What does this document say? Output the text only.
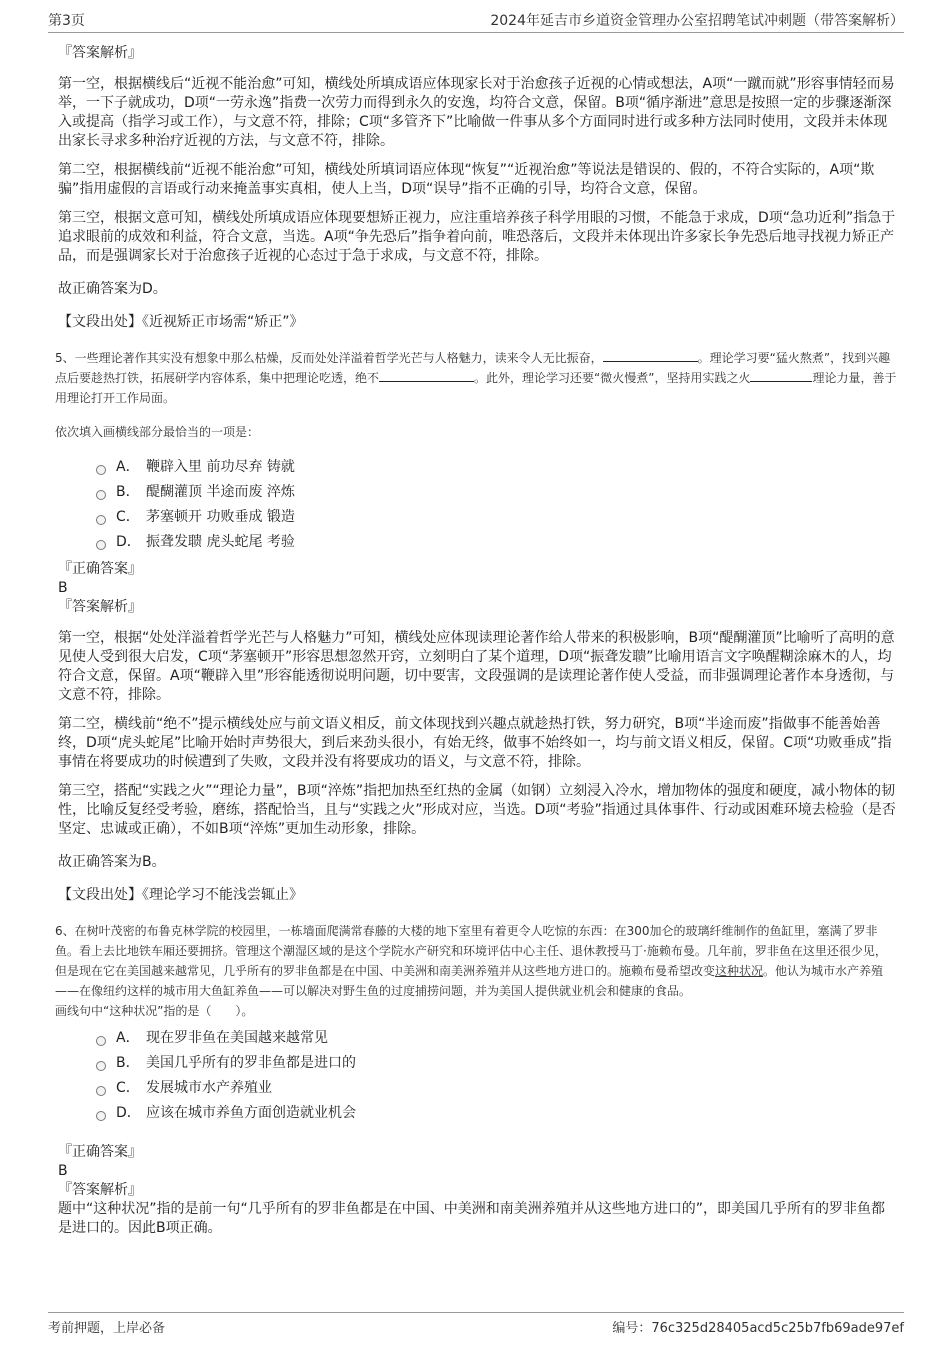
第3页	2024年延吉市乡道资金管理办公室招聘笔试冲刺题（带答案解析）
『答案解析』
第一空，根据横线后“近视不能治愈”可知，横线处所填成语应体现家长对于治愈孩子近视的心情或想法，A项“一蹴而就”形容事情轻而易举，一下子就成功，D项“一劳永逸”指费一次劳力而得到永久的安逸，均符合文意，保留。B项“循序渐进”意思是按照一定的步骤逐渐深入或提高（指学习或工作），与文意不符，排除；C项“多管齐下”比喻做一件事从多个方面同时进行或多种方法同时使用，文段并未体现出家长寻求多种治疗近视的方法，与文意不符，排除。
第二空，根据横线前“近视不能治愈”可知，横线处所填词语应体现“恢复”“近视治愈”等说法是错误的、假的，不符合实际的，A项“欺骗”指用虚假的言语或行动来掩盖事实真相，使人上当，D项“误导”指不正确的引导，均符合文意，保留。
第三空，根据文意可知，横线处所填成语应体现要想矫正视力，应注重培养孩子科学用眼的习惯，不能急于求成，D项“急功近利”指急于追求眼前的成效和利益，符合文意，当选。A项“争先恐后”指争着向前，唯恐落后，文段并未体现出许多家长争先恐后地寻找视力矫正产品，而是强调家长对于治愈孩子近视的心态过于急于求成，与文意不符，排除。
故正确答案为D。
【文段出处】《近视矫正市场需“矫正”》
5、一些理论著作其实没有想象中那么枯燥，反而处处洋溢着哲学光芒与人格魅力，读来令人无比振奋，	。理论学习要“猛火熬煮”，找到兴趣点后要趁热打铁，拓展研学内容体系，集中把理论吃透，绝不	。此外，理论学习还要“微火慢煮”，坚持用实践之火	理论力量，善于用理论打开工作局面。
依次填入画横线部分最恰当的一项是：
A． 鞭辟入里 前功尽弃 铸就
B． 醍醐灌顶 半途而废 淬炼
C． 茅塞顿开 功败垂成 锻造
D． 振聋发聩 虎头蛇尾 考验
『正确答案』
B
『答案解析』
第一空，根据“处处洋溢着哲学光芒与人格魅力”可知，横线处应体现读理论著作给人带来的积极影响，B项“醍醐灌顶”比喻听了高明的意见使人受到很大启发，C项“茅塞顿开”形容思想忽然开窍，立刻明白了某个道理，D项“振聋发聩”比喻用语言文字唤醒糊涂麻木的人，均符合文意，保留。A项“鞭辟入里”形容能透彻说明问题，切中要害，文段强调的是读理论著作使人受益，而非强调理论著作本身透彻，与文意不符，排除。
第二空，横线前“绝不”提示横线处应与前文语义相反，前文体现找到兴趣点就趁热打铁，努力研究，B项“半途而废”指做事不能善始善终，D项“虎头蛇尾”比喻开始时声势很大，到后来劲头很小，有始无终，做事不始终如一，均与前文语义相反，保留。C项“功败垂成”指事情在将要成功的时候遭到了失败，文段并没有将要成功的语义，与文意不符，排除。
第三空，搭配“实践之火”“理论力量”，B项“淬炼”指把加热至红热的金属（如钢）立刻浸入冷水，增加物体的强度和硬度，减小物体的韧性，比喻反复经受考验，磨练，搭配恰当，且与“实践之火”形成对应，当选。D项“考验”指通过具体事件、行动或困难环境去检验（是否坚定、忠诚或正确），不如B项“淬炼”更加生动形象，排除。
故正确答案为B。
【文段出处】《理论学习不能浅尝辄止》
6、在树叶茂密的布鲁克林学院的校园里，一栋墙面爬满常春藤的大楼的地下室里有着更令人吃惊的东西：在300加仑的玻璃纤维制作的鱼缸里，塞满了罗非鱼。看上去比地铁车厢还要拥挤。管理这个潮湿区域的是这个学院水产研究和环境评估中心主任、退休教授马丁·施赖布曼。几年前，罗非鱼在这里还很少见，但是现在它在美国越来越常见，几乎所有的罗非鱼都是在中国、中美洲和南美洲养殖并从这些地方进口的。施赖布曼希望改变这种状况。他认为城市水产养殖——在像纽约这样的城市用大鱼缸养鱼——可以解决对野生鱼的过度捕捞问题，并为美国人提供就业机会和健康的食品。
画线句中“这种状况”指的是（　　）。
A． 现在罗非鱼在美国越来越常见
B． 美国几乎所有的罗非鱼都是进口的
C． 发展城市水产养殖业
D． 应该在城市养鱼方面创造就业机会
『正确答案』
B
『答案解析』
题中“这种状况”指的是前一句“几乎所有的罗非鱼都是在中国、中美洲和南美洲养殖并从这些地方进口的”，即美国几乎所有的罗非鱼都是进口的。因此B项正确。
考前押题，上岸必备	编号：76c325d28405acd5c25b7fb69ade97ef
